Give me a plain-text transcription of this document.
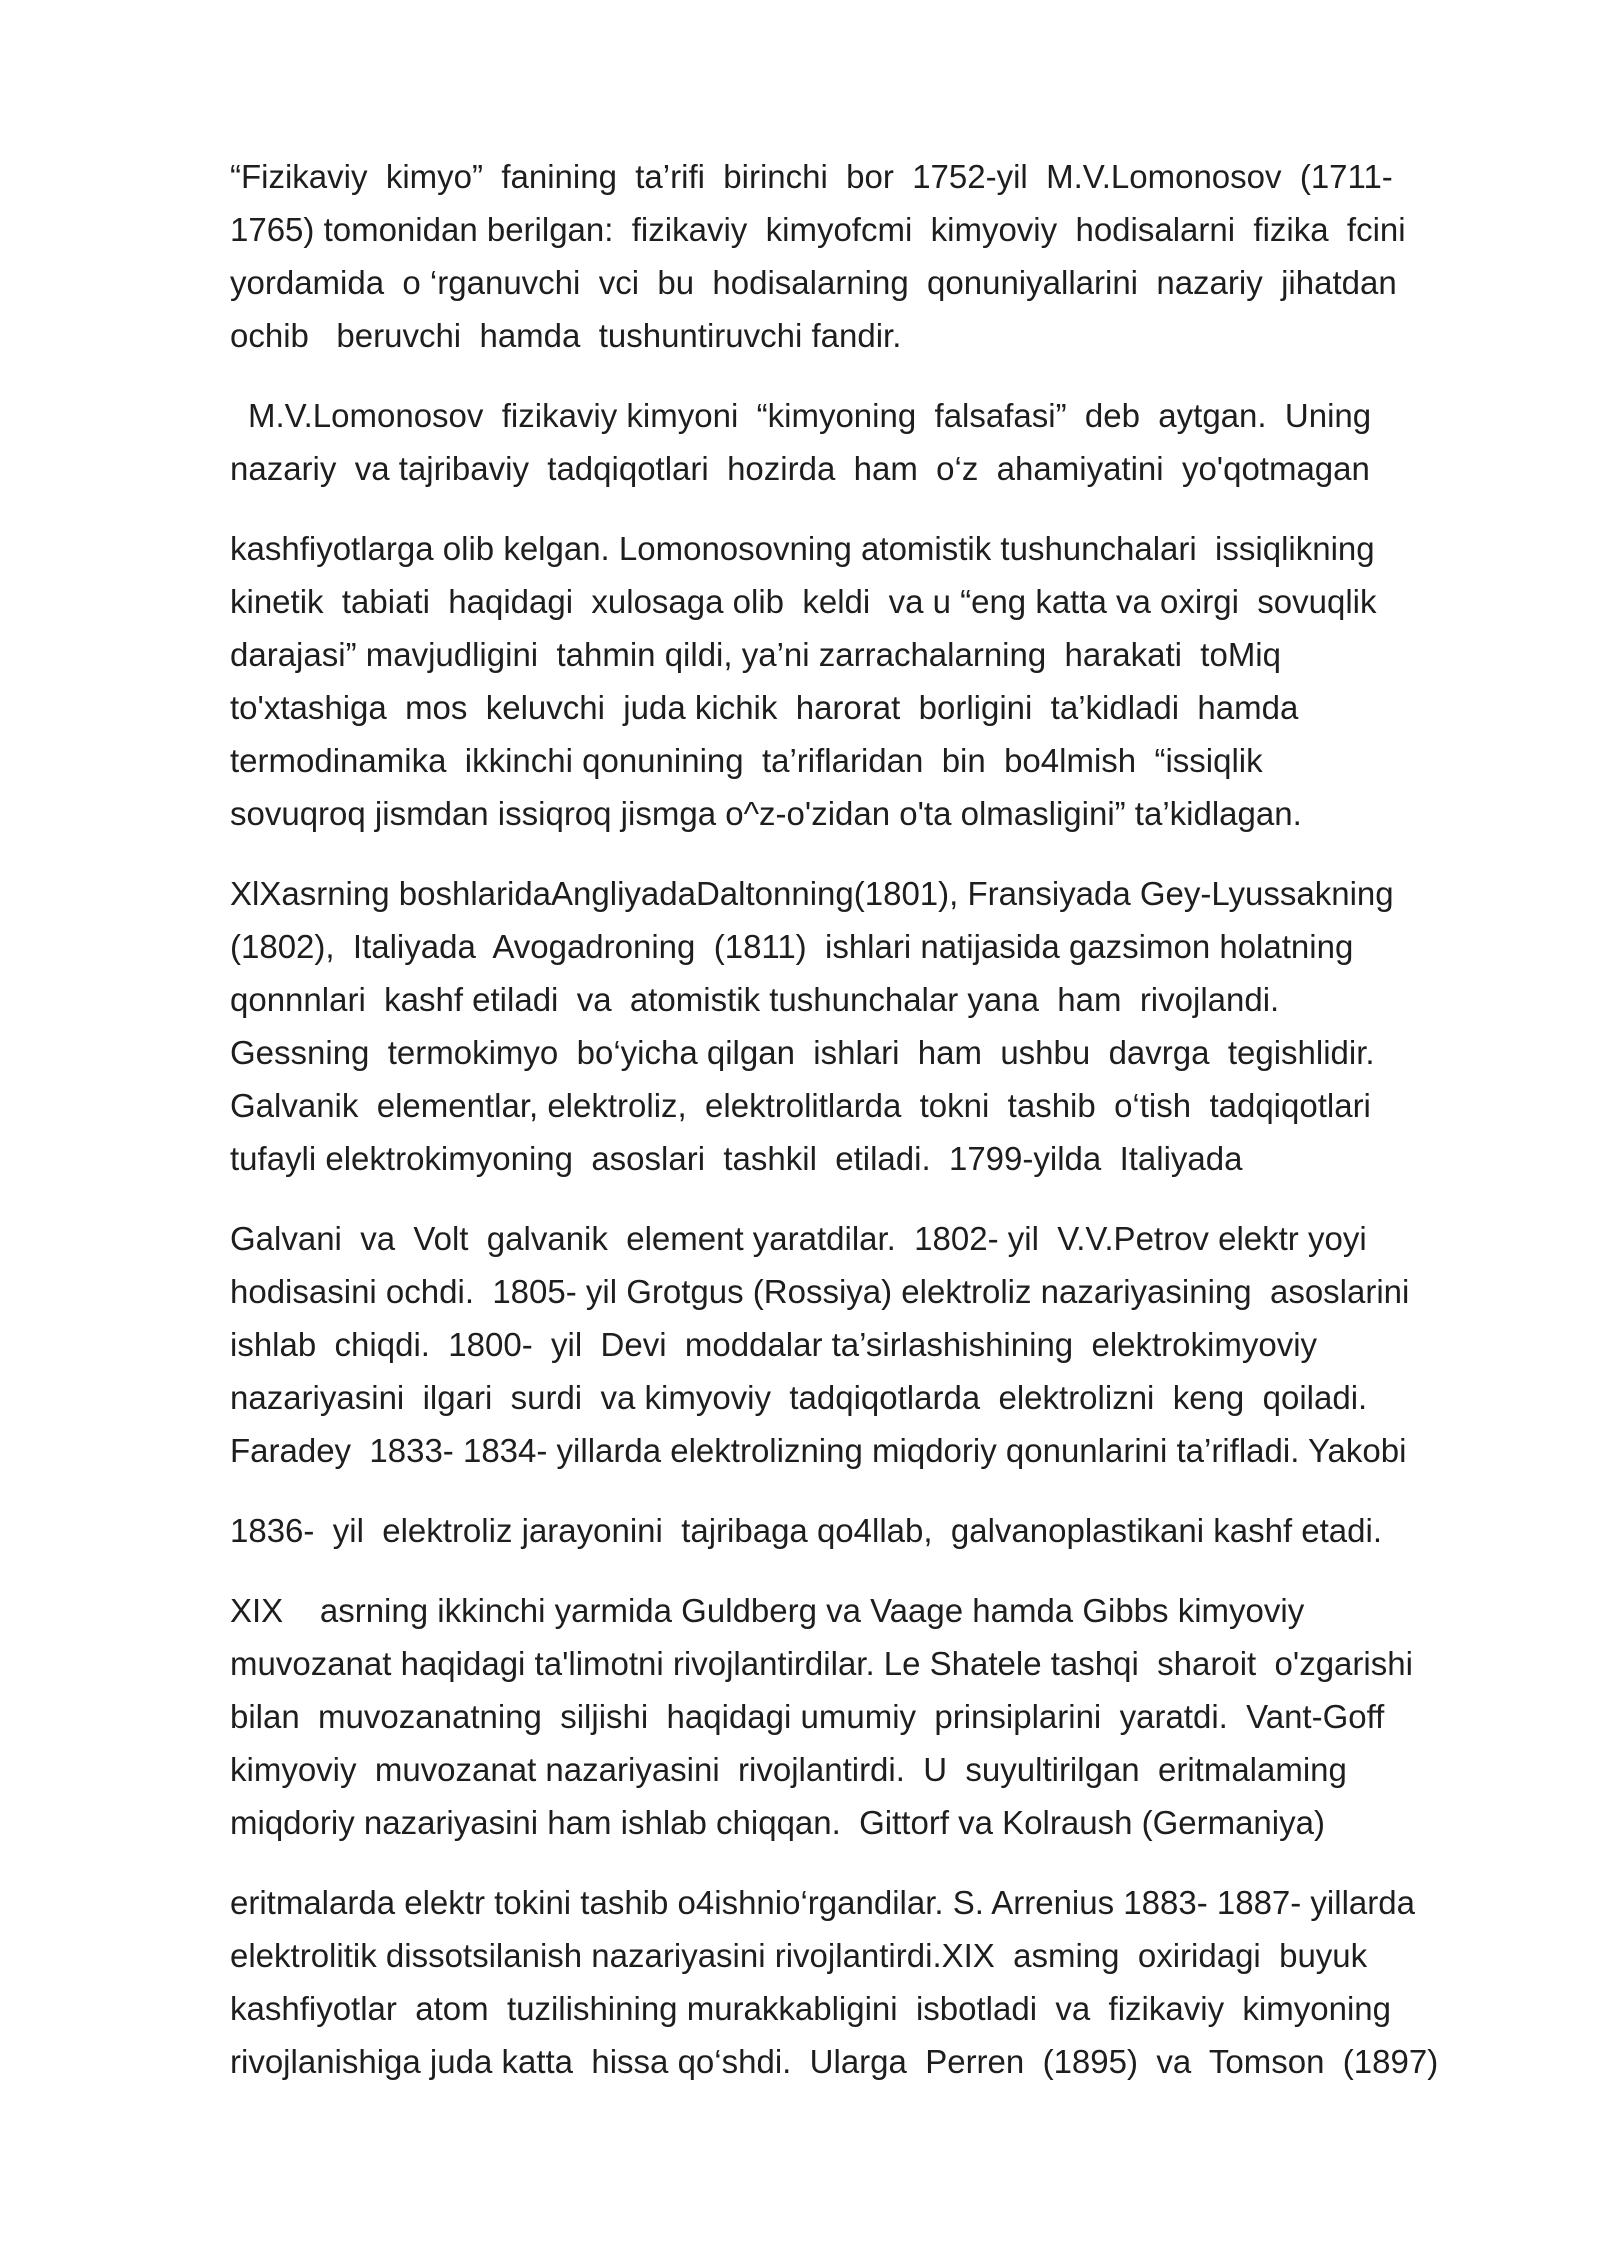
“Fizikaviy  kimyo”  fanining  ta’rifi  birinchi  bor  1752-yil  M.V.Lomonosov  (1711-
1765) tomonidan berilgan:  fizikaviy  kimyofcmi  kimyoviy  hodisalarni  fizika  fcini
yordamida  o ‘rganuvchi  vci  bu  hodisalarning  qonuniyallarini  nazariy  jihatdan
ochib   beruvchi  hamda  tushuntiruvchi fandir.
M.V.Lomonosov  fizikaviy kimyoni  “kimyoning  falsafasi”  deb  aytgan.  Uning
nazariy  va tajribaviy  tadqiqotlari  hozirda  ham  o‘z  ahamiyatini  yo'qotmagan
kashfiyotlarga olib kelgan. Lomonosovning atomistik tushunchalari  issiqlikning
kinetik  tabiati  haqidagi  xulosaga olib  keldi  va u “eng katta va oxirgi  sovuqlik
darajasi” mavjudligini  tahmin qildi, ya’ni zarrachalarning  harakati  toMiq
to'xtashiga  mos  keluvchi  juda kichik  harorat  borligini  ta’kidladi  hamda
termodinamika  ikkinchi qonunining  ta’riflaridan  bin  bo4lmish  “issiqlik
sovuqroq jismdan issiqroq jismga o^z-o'zidan o'ta olmasligini” ta’kidlagan.
XlXasrning boshlaridaAngliyadaDaltonning(1801), Fransiyada Gey-Lyussakning
(1802),  Italiyada  Avogadroning  (1811)  ishlari natijasida gazsimon holatning
qonnnlari  kashf etiladi  va  atomistik tushunchalar yana  ham  rivojlandi.
Gessning  termokimyo  bo‘yicha qilgan  ishlari  ham  ushbu  davrga  tegishlidir.
Galvanik  elementlar, elektroliz,  elektrolitlarda  tokni  tashib  o‘tish  tadqiqotlari
tufayli elektrokimyoning  asoslari  tashkil  etiladi.  1799-yilda  Italiyada
Galvani  va  Volt  galvanik  element yaratdilar.  1802- yil  V.V.Petrov elektr yoyi
hodisasini ochdi.  1805- yil Grotgus (Rossiya) elektroliz nazariyasining  asoslarini
ishlab  chiqdi.  1800-  yil  Devi  moddalar ta’sirlashishining  elektrokimyoviy
nazariyasini  ilgari  surdi  va kimyoviy  tadqiqotlarda  elektrolizni  keng  qoiladi.
Faradey  1833- 1834- yillarda elektrolizning miqdoriy qonunlarini ta’rifladi. Yakobi
1836-  yil  elektroliz jarayonini  tajribaga qo4llab,  galvanoplastikani kashf etadi.
XIX    asrning ikkinchi yarmida Guldberg va Vaage hamda Gibbs kimyoviy
muvozanat haqidagi ta'limotni rivojlantirdilar. Le Shatele tashqi  sharoit  o'zgarishi
bilan  muvozanatning  siljishi  haqidagi umumiy  prinsiplarini  yaratdi.  Vant-Goff
kimyoviy  muvozanat nazariyasini  rivojlantirdi.  U  suyultirilgan  eritmalaming
miqdoriy nazariyasini ham ishlab chiqqan.  Gittorf va Kolraush (Germaniya)
eritmalarda elektr tokini tashib o4ishnio‘rgandilar. S. Arrenius 1883- 1887- yillarda
elektrolitik dissotsilanish nazariyasini rivojlantirdi.XIX  asming  oxiridagi  buyuk
kashfiyotlar  atom  tuzilishining murakkabligini  isbotladi  va  fizikaviy  kimyoning
rivojlanishiga juda katta  hissa qo‘shdi.  Ularga  Perren  (1895)  va  Tomson  (1897)
